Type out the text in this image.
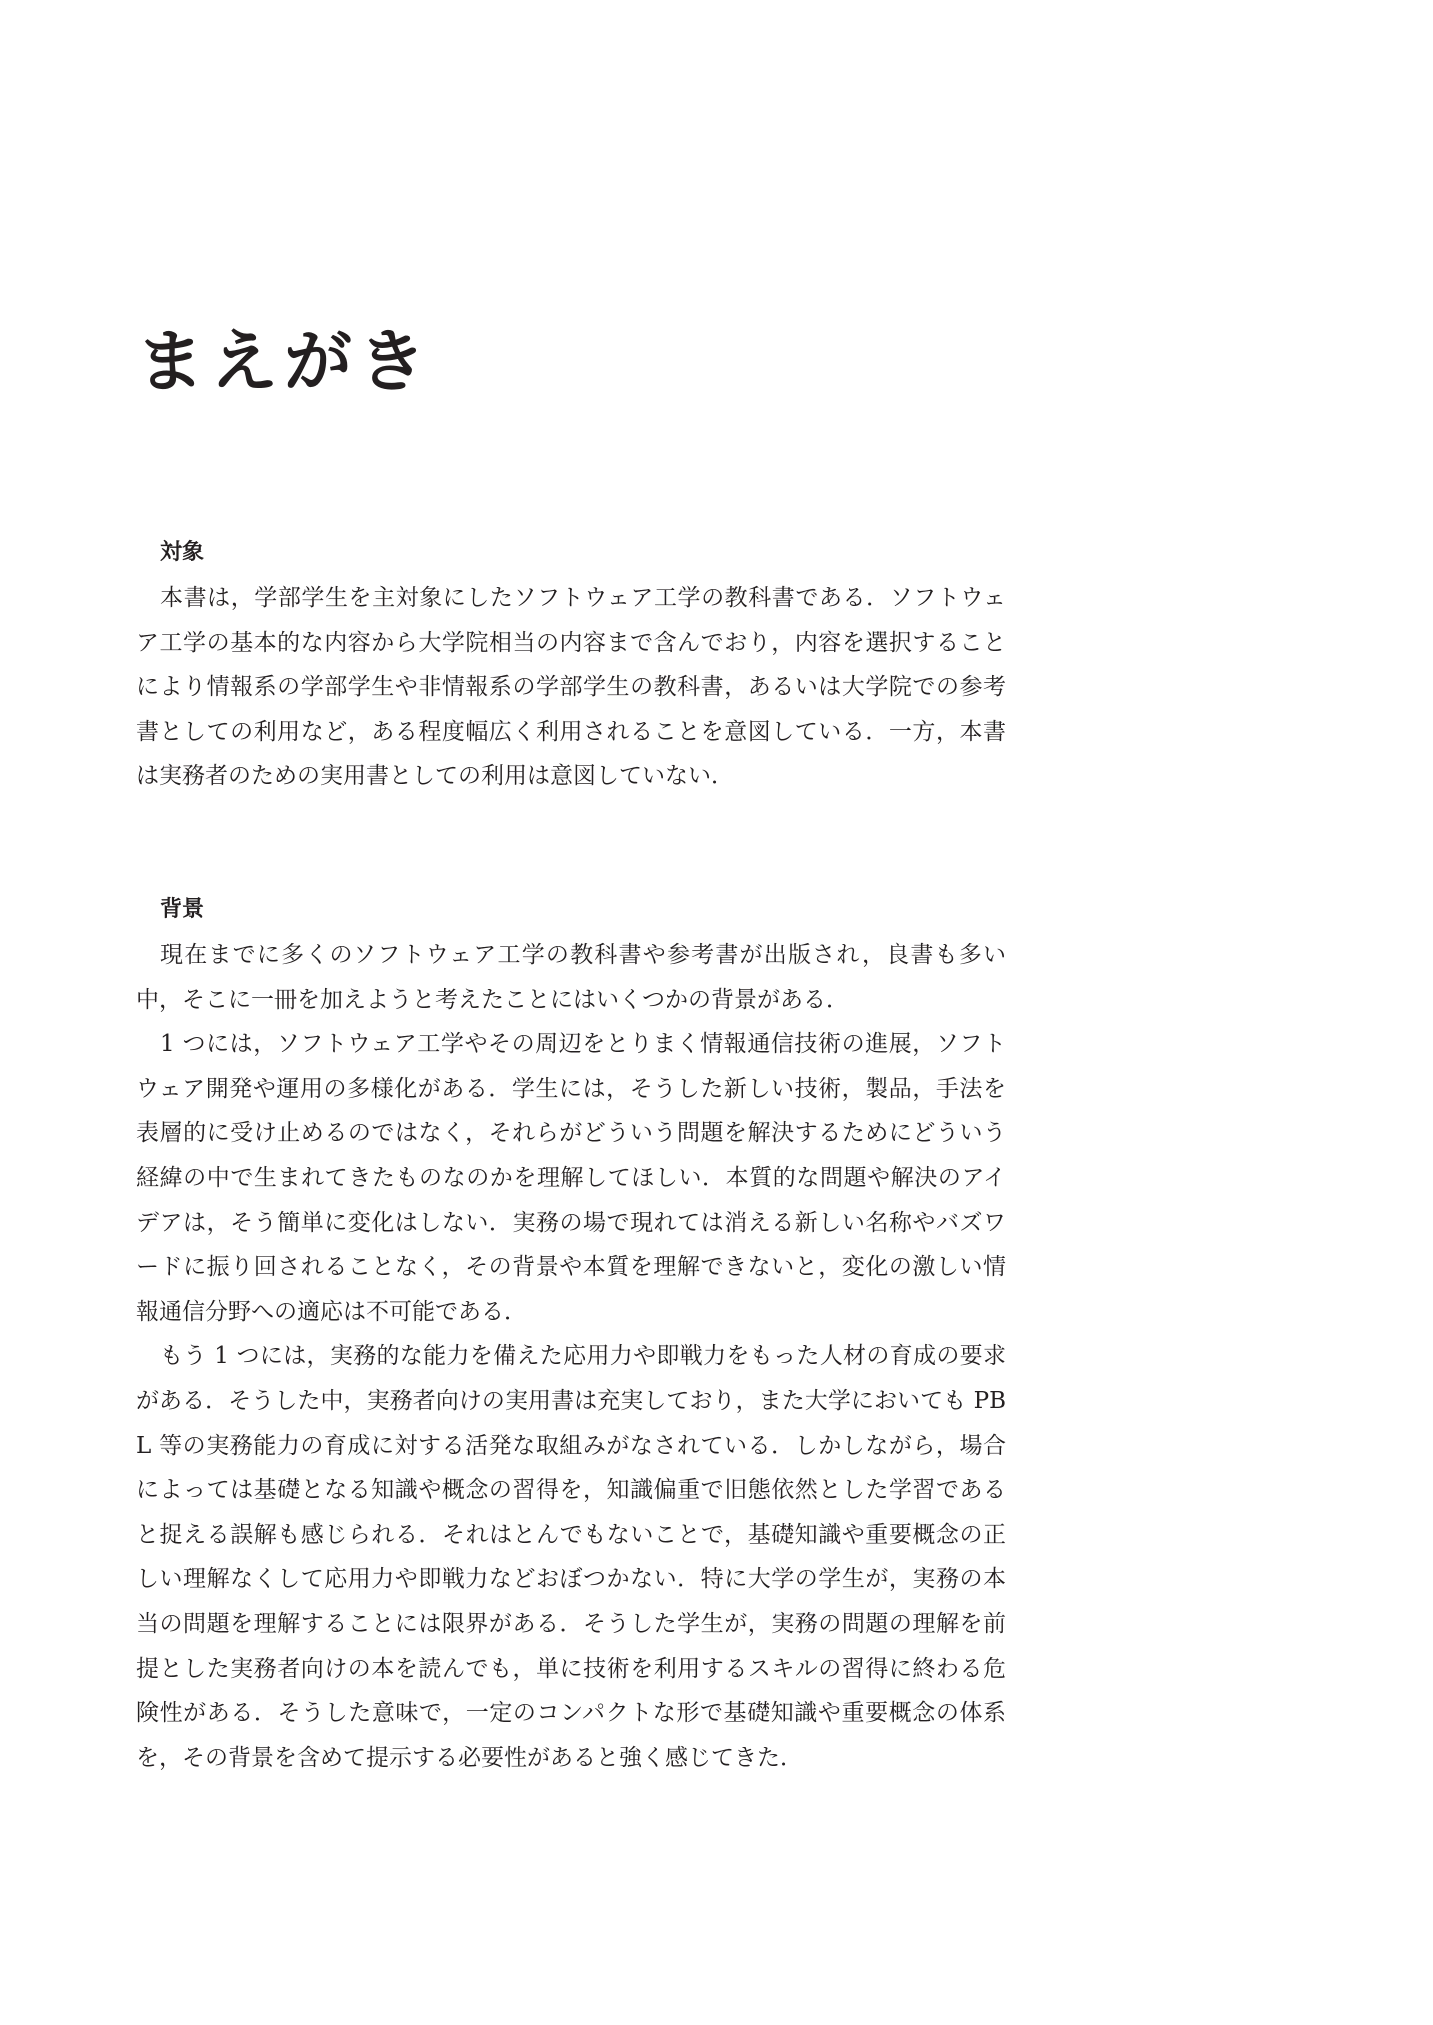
まえがき
対象

本書は，学部学生を主対象にしたソフトウェア工学の教科書である．ソフトウェア工学の基本的な内容から大学院相当の内容まで含んでおり，内容を選択することにより情報系の学部学生や非情報系の学部学生の教科書，あるいは大学院での参考書としての利用など，ある程度幅広く利用されることを意図している．一方，本書は実務者のための実用書としての利用は意図していない．

背景

現在までに多くのソフトウェア工学の教科書や参考書が出版され，良書も多い中，そこに一冊を加えようと考えたことにはいくつかの背景がある．

1 つには，ソフトウェア工学やその周辺をとりまく情報通信技術の進展，ソフトウェア開発や運用の多様化がある．学生には，そうした新しい技術，製品，手法を表層的に受け止めるのではなく，それらがどういう問題を解決するためにどういう経緯の中で生まれてきたものなのかを理解してほしい．本質的な問題や解決のアイデアは，そう簡単に変化はしない．実務の場で現れては消える新しい名称やバズワードに振り回されることなく，その背景や本質を理解できないと，変化の激しい情報通信分野への適応は不可能である．

もう 1 つには，実務的な能力を備えた応用力や即戦力をもった人材の育成の要求がある．そうした中，実務者向けの実用書は充実しており，また大学においても PBL 等の実務能力の育成に対する活発な取組みがなされている．しかしながら，場合によっては基礎となる知識や概念の習得を，知識偏重で旧態依然とした学習であると捉える誤解も感じられる．それはとんでもないことで，基礎知識や重要概念の正しい理解なくして応用力や即戦力などおぼつかない．特に大学の学生が，実務の本当の問題を理解することには限界がある．そうした学生が，実務の問題の理解を前提とした実務者向けの本を読んでも，単に技術を利用するスキルの習得に終わる危険性がある．そうした意味で，一定のコンパクトな形で基礎知識や重要概念の体系を，その背景を含めて提示する必要性があると強く感じてきた．
